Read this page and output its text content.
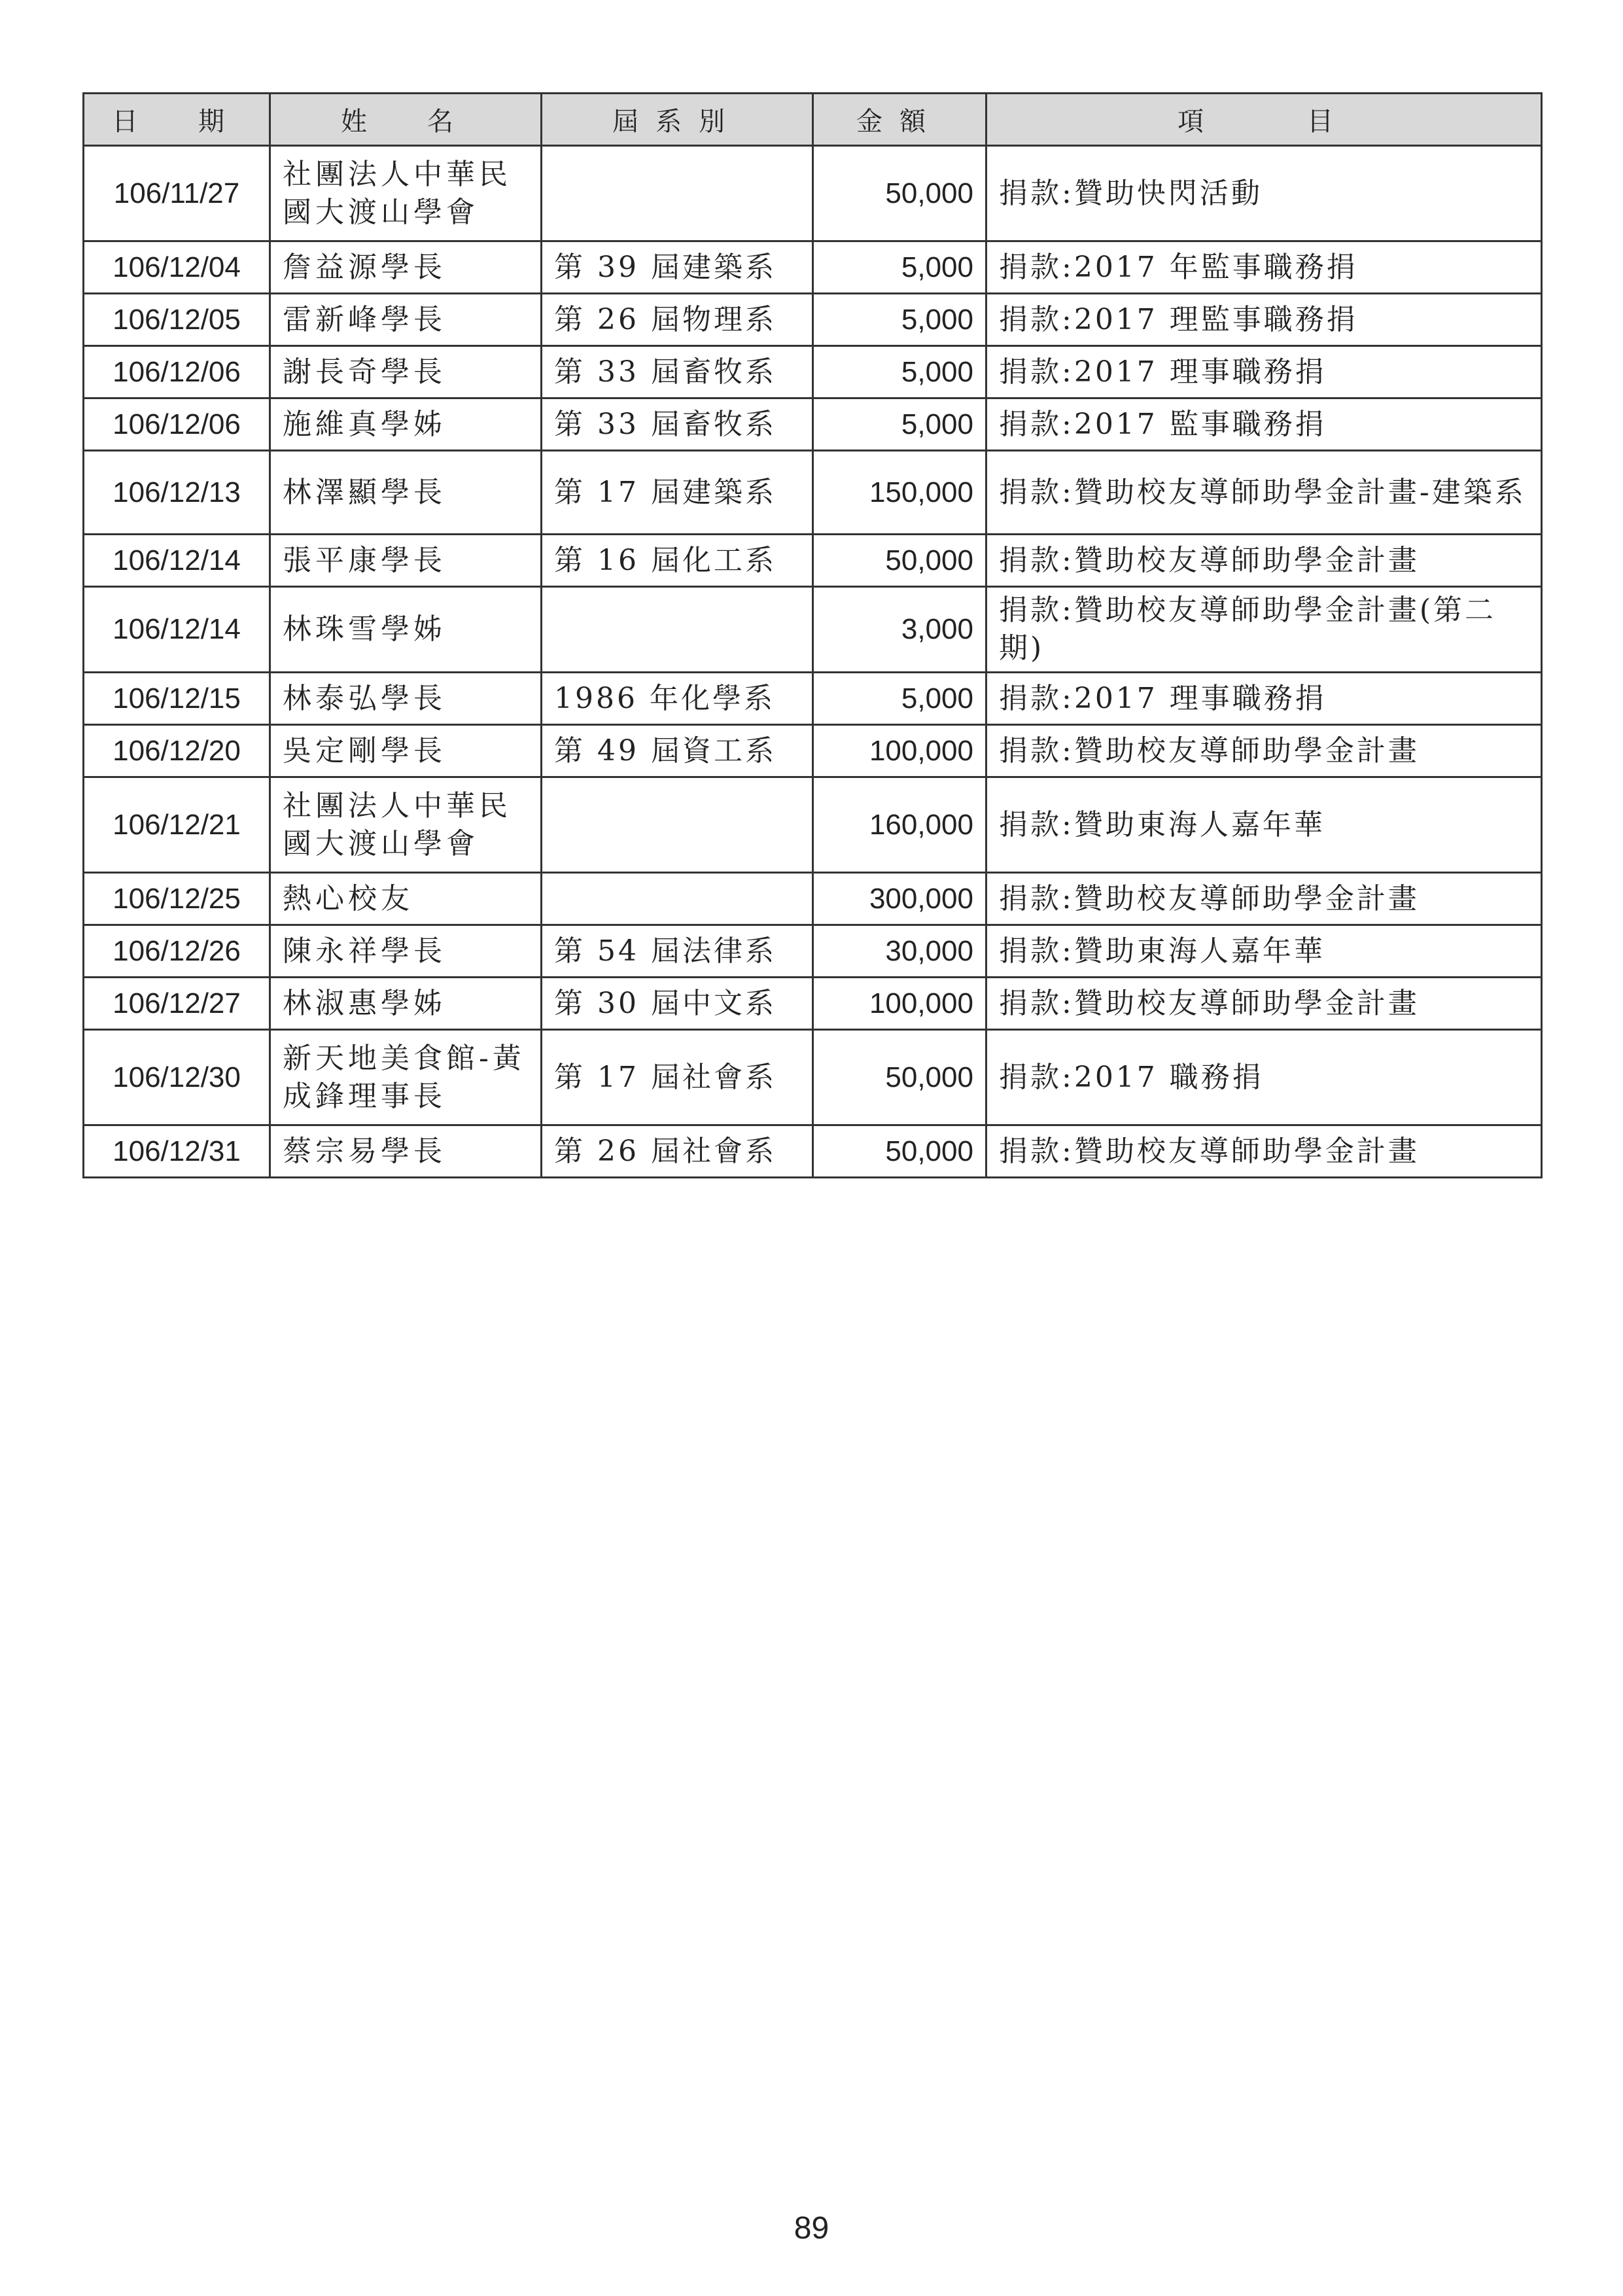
日　期	姓　名	屆系別	金額	項　　目
106/11/27	社團法人中華民國大渡山學會		50,000	捐款:贊助快閃活動
106/12/04	詹益源學長	第 39 屆建築系	5,000	捐款:2017 年監事職務捐
106/12/05	雷新峰學長	第 26 屆物理系	5,000	捐款:2017 理監事職務捐
106/12/06	謝長奇學長	第 33 屆畜牧系	5,000	捐款:2017 理事職務捐
106/12/06	施維真學姊	第 33 屆畜牧系	5,000	捐款:2017 監事職務捐
106/12/13	林澤顯學長	第 17 屆建築系	150,000	捐款:贊助校友導師助學金計畫-建築系
106/12/14	張平康學長	第 16 屆化工系	50,000	捐款:贊助校友導師助學金計畫
106/12/14	林珠雪學姊		3,000	捐款:贊助校友導師助學金計畫(第二期)
106/12/15	林泰弘學長	1986 年化學系	5,000	捐款:2017 理事職務捐
106/12/20	吳定剛學長	第 49 屆資工系	100,000	捐款:贊助校友導師助學金計畫
106/12/21	社團法人中華民國大渡山學會		160,000	捐款:贊助東海人嘉年華
106/12/25	熱心校友		300,000	捐款:贊助校友導師助學金計畫
106/12/26	陳永祥學長	第 54 屆法律系	30,000	捐款:贊助東海人嘉年華
106/12/27	林淑惠學姊	第 30 屆中文系	100,000	捐款:贊助校友導師助學金計畫
106/12/30	新天地美食館-黃成鋒理事長	第 17 屆社會系	50,000	捐款:2017 職務捐
106/12/31	蔡宗易學長	第 26 屆社會系	50,000	捐款:贊助校友導師助學金計畫
89
